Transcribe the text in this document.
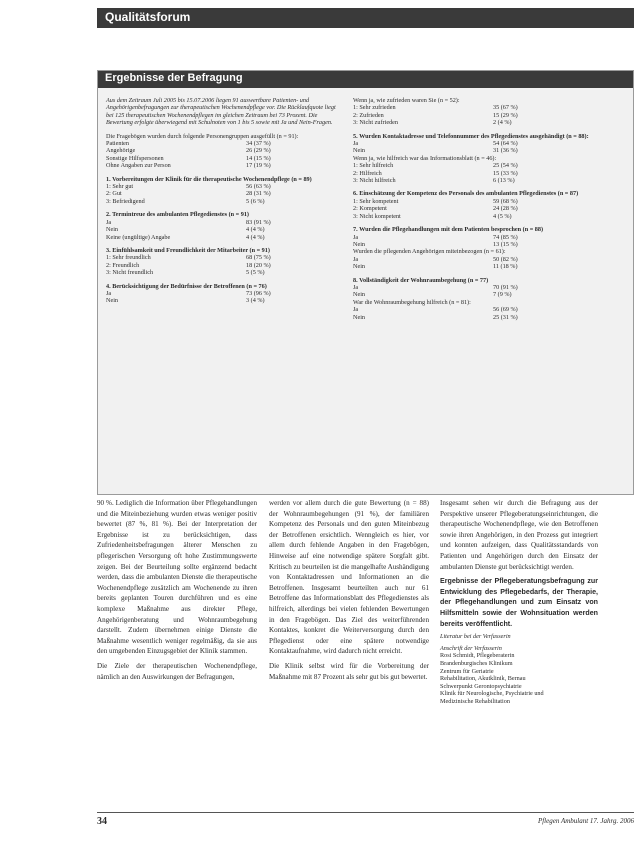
Qualitätsforum
Ergebnisse der Befragung

Aus dem Zeitraum Juli 2005 bis 15.07.2006 liegen 91 auswertbare Patienten- und Angehörigenbefragungen zur therapeutischen Wochenendpflege vor. Die Rücklaufquote liegt bei 125 therapeutischen Wochenendpflegen im gleichen Zeitraum bei 73 Prozent. Die Bewertung erfolgte überwiegend mit Schulnoten von 1 bis 5 sowie mit Ja und Nein-Fragen.

Die Fragebögen wurden durch folgende Personengruppen ausgefüllt (n = 91):
Patienten	34 (37 %)
Angehörige	26 (29 %)
Sonstige Hilfspersonen	14 (15 %)
Ohne Angaben zur Person	17 (19 %)
1. Vorbereitungen der Klinik für die therapeutische Wochenendpflege (n = 89)
1: Sehr gut	56 (63 %)
2: Gut	28 (31 %)
3: Befriedigend	5 (6 %)
2. Termintreue des ambulanten Pflegedienstes (n = 91)
Ja	83 (91 %)
Nein	4 (4 %)
Keine (ungültige) Angabe	4 (4 %)
3. Einfühlsamkeit und Freundlichkeit der Mitarbeiter (n = 91)
1: Sehr freundlich	68 (75 %)
2: Freundlich	18 (20 %)
3: Nicht freundlich	5 (5 %)
4. Berücksichtigung der Bedürfnisse der Betroffenen (n = 76)
Ja	73 (96 %)
Nein	3 (4 %)
Wenn ja, wie zufrieden waren Sie (n = 52):
1: Sehr zufrieden	35 (67 %)
2: Zufrieden	15 (29 %)
3: Nicht zufrieden	2 (4 %)
5. Wurden Kontaktadresse und Telefonnummer des Pflegedienstes ausgehändigt (n = 88):
Ja	54 (64 %)
Nein	31 (36 %)
Wenn ja, wie hilfreich war das Informationsblatt (n = 46):
1: Sehr hilfreich	25 (54 %)
2: Hilfreich	15 (33 %)
3: Nicht hilfreich	6 (13 %)
6. Einschätzung der Kompetenz des Personals des ambulanten Pflegedienstes (n = 87)
1: Sehr kompetent	59 (68 %)
2: Kompetent	24 (28 %)
3: Nicht kompetent	4 (5 %)
7. Wurden die Pflegehandlungen mit dem Patienten besprochen (n = 88)
Ja	74 (85 %)
Nein	13 (15 %)
Wurden die pflegenden Angehörigen miteinbezogen (n = 61):
Ja	50 (82 %)
Nein	11 (18 %)
8. Vollständigkeit der Wohnraumbegehung (n = 77)
Ja	70 (91 %)
Nein	7 (9 %)
War die Wohnraumbegehung hilfreich (n = 81):
Ja	56 (69 %)
Nein	25 (31 %)

90 %. Lediglich die Information über Pflegehandlungen und die Miteinbeziehung wurden etwas weniger positiv bewertet (87 %, 81 %). Bei der Interpretation der Ergebnisse ist zu berücksichtigen, dass Zufriedenheitsbefragungen älterer Menschen zu pflegerischen Versorgung oft hohe Zustimmungswerte zeigen. Bei der Beurteilung sollte ergänzend bedacht werden, dass die ambulanten Dienste die therapeutische Wochenendpflege zusätzlich am Wochenende zu ihren bereits geplanten Touren durchführen und es eine komplexe Maßnahme aus direkter Pflege, Angehörigenberatung und Wohnraumbegehung darstellt. Zudem übernehmen einige Dienste die Maßnahme wesentlich weniger regelmäßig, da sie aus den umgebenden Einzugsgebiet der Klinik stammen.

Die Ziele der therapeutischen Wochenendpflege, nämlich an den Auswirkungen der Befragungen,

werden vor allem durch die gute Bewertung (n = 88) der Wohnraumbegehungen (91 %), der familiären Kompetenz des Personals und den guten Miteinbezug der Betroffenen ersichtlich. Wenngleich es hier, vor allem durch fehlende Angaben in den Fragebögen, Hinweise auf eine notwendige spätere Sorgfalt gibt. Kritisch zu beurteilen ist die mangelhafte Aushändigung von Kontaktadressen und Informationen an die Betroffenen. Insgesamt beurteilten auch nur 61 Betroffene das Informationsblatt des Pflegedienstes als hilfreich, allerdings bei vielen fehlenden Bewertungen in den Fragebögen. Das Ziel des weiterführenden Kontaktes, konkret die Weiterversorgung durch den Pflegedienst oder eine spätere notwendige Kontaktaufnahme, wird dadurch nicht erreicht.

Die Klinik selbst wird für die Vorbereitung der Maßnahme mit 87 Prozent als sehr gut bis gut bewertet.

Insgesamt sehen wir durch die Befragung aus der Perspektive unserer Pflegeberatungseinrichtungen, die therapeutische Wochenendpflege, wie den Betroffenen sowie ihren Angehörigen, in den Prozess gut integriert und konnten aufzeigen, dass Qualitätsstandards von Patienten und Angehörigen durch den Einsatz der ambulanten Dienste gut berücksichtigt werden.

Ergebnisse der Pflegeberatungsbefragung zur Entwicklung des Pflegebedarfs, der Therapie, der Pflegehandlungen und zum Einsatz von Hilfsmitteln sowie der Wohnsituation werden bereits veröffentlicht.

Literatur bei der Verfasserin

Anschrift der Verfasserin
Rosi Schmidt, Pflegeberaterin
Brandenburgisches Klinikum
Zentrum für Geriatrie
Rehabilitation, Akutklinik, Bernau
Schwerpunkt Gerontopsychiatrie
Klinik für Neurologische, Psychiatrie und
Medizinische Rehabilitation
34	Pflegen Ambulant 17. Jahrg. 2006
